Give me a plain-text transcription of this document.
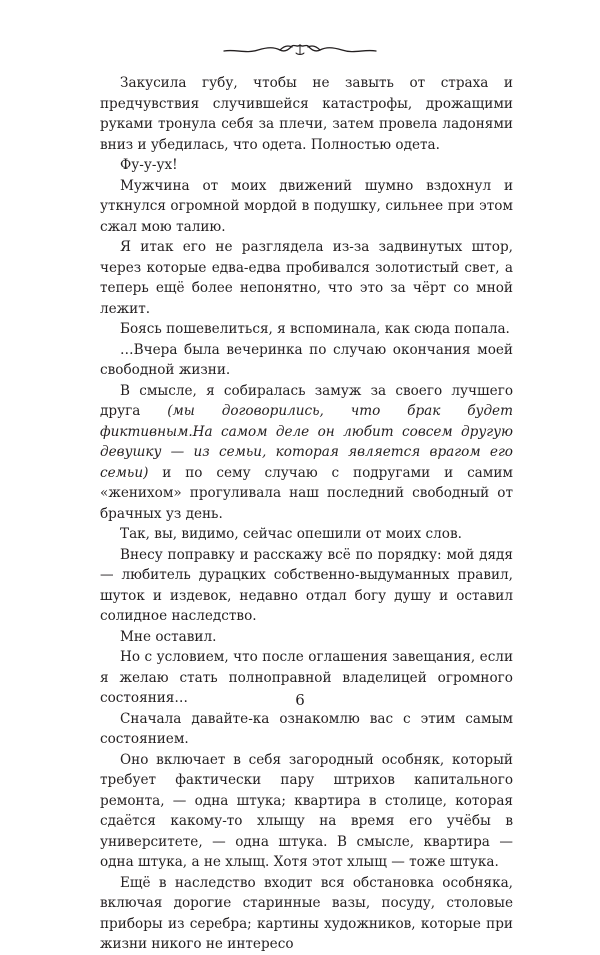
Закусила губу, чтобы не завыть от страха и предчувствия случившейся катастрофы, дрожащими руками тронула себя за плечи, затем провела ладонями вниз и убедилась, что одета. Полностью одета.

Фу-у-ух!

Мужчина от моих движений шумно вздохнул и уткнулся огромной мордой в подушку, сильнее при этом сжал мою талию.

Я итак его не разглядела из-за задвинутых штор, через которые едва-едва пробивался золотистый свет, а теперь ещё более непонятно, что это за чёрт со мной лежит.

Боясь пошевелиться, я вспоминала, как сюда попала.

…Вчера была вечеринка по случаю окончания моей свободной жизни.

В смысле, я собиралась замуж за своего лучшего друга (мы договорились, что брак будет фиктивным.На самом деле он любит совсем другую девушку — из семьи, которая является врагом его семьи) и по сему случаю с подругами и самим «женихом» прогуливала наш последний свободный от брачных уз день.

Так, вы, видимо, сейчас опешили от моих слов.

Внесу поправку и расскажу всё по порядку: мой дядя — любитель дурацких собственно-выдуманных правил, шуток и издевок, недавно отдал богу душу и оставил солидное наследство.

Мне оставил.

Но с условием, что после оглашения завещания, если я желаю стать полноправной владелицей огромного состояния…

Сначала давайте-ка ознакомлю вас с этим самым состоянием.

Оно включает в себя загородный особняк, который требует фактически пару штрихов капитального ремонта, — одна штука; квартира в столице, которая сдаётся какому-то хлыщу на время его учёбы в университете, — одна штука. В смысле, квартира — одна штука, а не хлыщ. Хотя этот хлыщ — тоже штука.

Ещё в наследство входит вся обстановка особняка, включая дорогие старинные вазы, посуду, столовые приборы из серебра; картины художников, которые при жизни никого не интересо

6
